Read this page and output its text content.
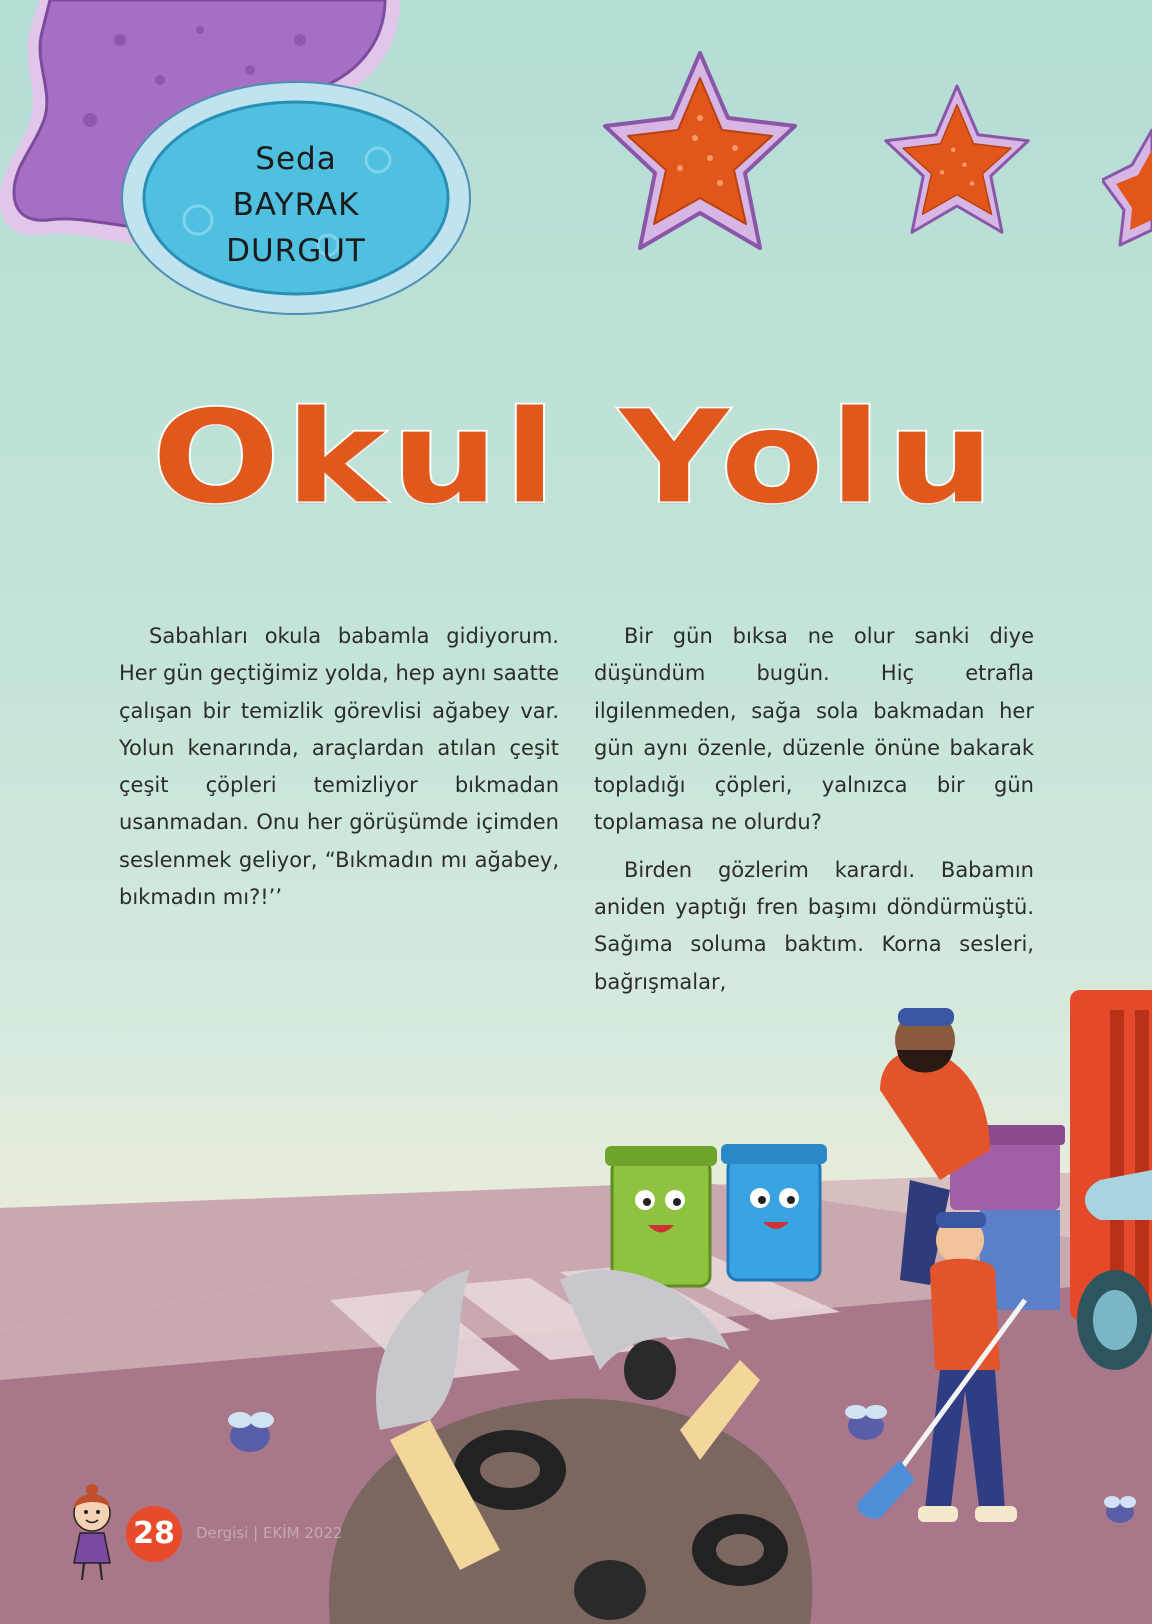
Seda
BAYRAK
DURGUT
Okul Yolu

Sabahları okula babamla gidiyorum. Her gün geçtiğimiz yolda, hep aynı saatte çalışan bir temizlik görevlisi ağabey var. Yolun kenarında, araçlardan atılan çeşit çeşit çöpleri temizliyor bıkmadan usanmadan. Onu her görüşümde içimden seslenmek geliyor, “Bıkmadın mı ağabey, bıkmadın mı?!’’

Bir gün bıksa ne olur sanki diye düşündüm bugün. Hiç etrafla ilgilenmeden, sağa sola bakmadan her gün aynı özenle, düzenle önüne bakarak topladığı çöpleri, yalnızca bir gün toplamasa ne olurdu?

Birden gözlerim karardı. Babamın aniden yaptığı fren başımı döndürmüştü. Sağıma soluma baktım. Korna sesleri, bağrışmalar,

28	Dergisi | EKİM 2022
